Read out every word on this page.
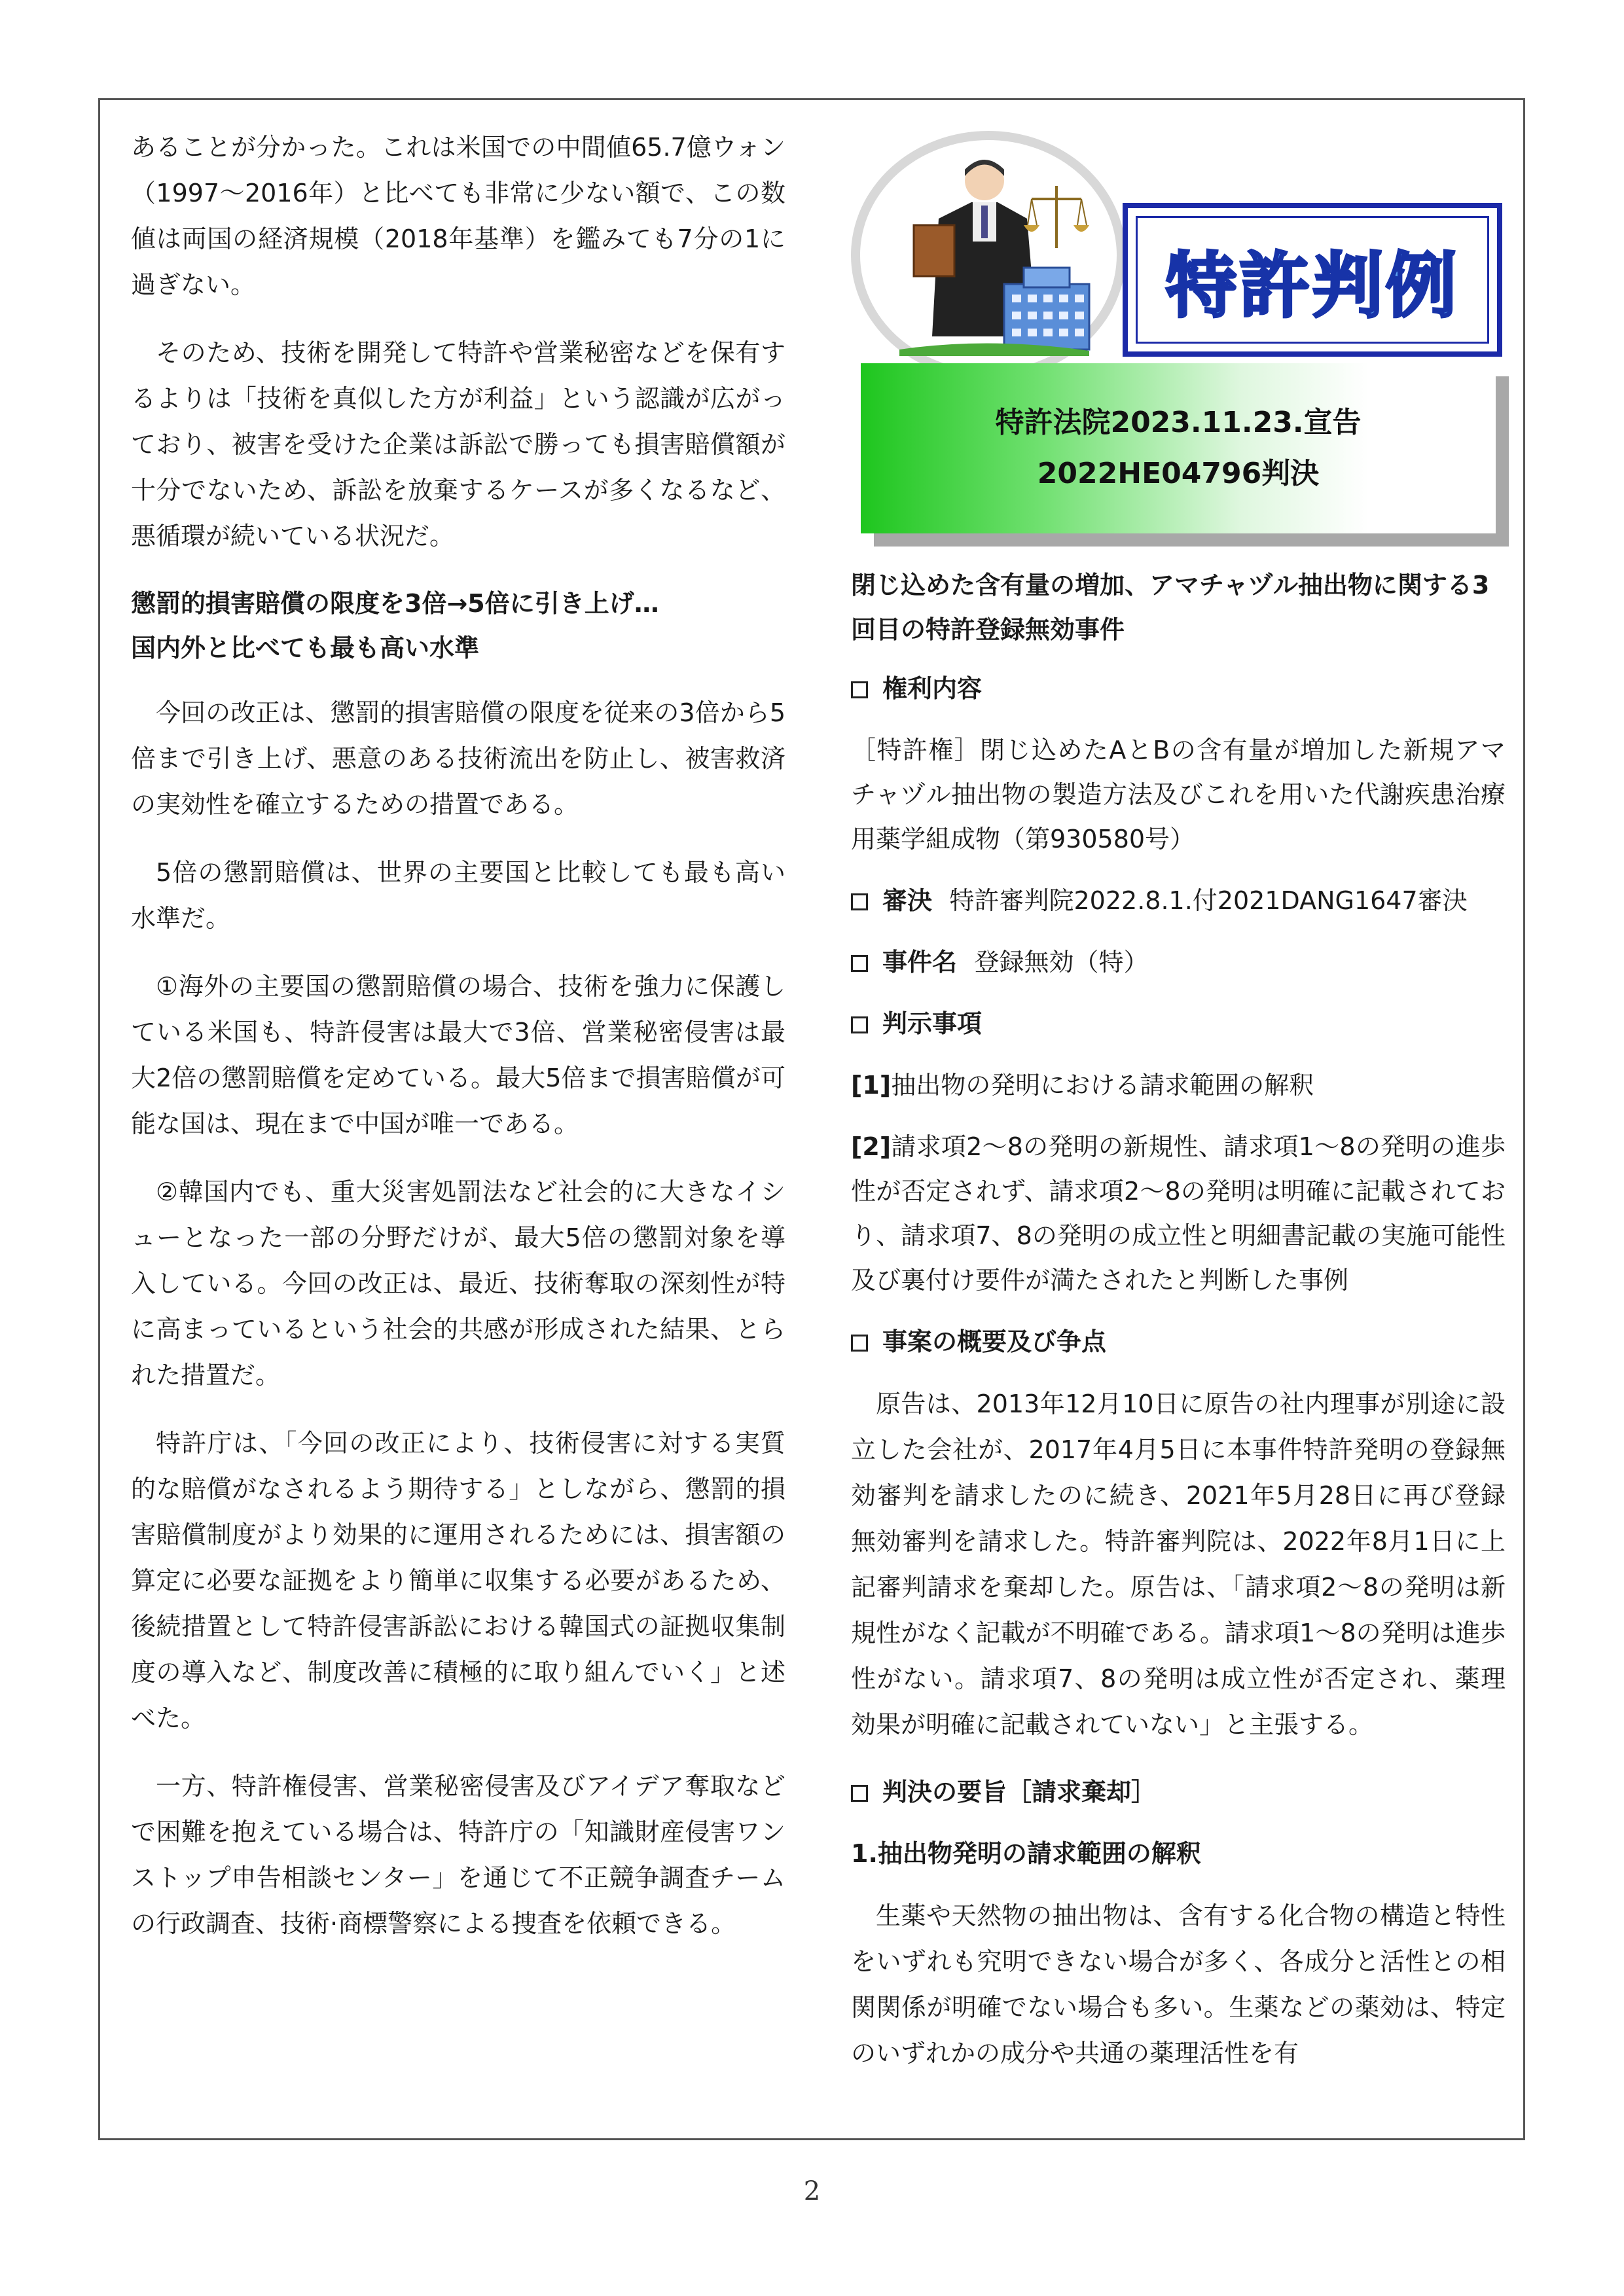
あることが分かった。これは米国での中間値65.7億ウォン（1997～2016年）と比べても非常に少ない額で、この数値は両国の経済規模（2018年基準）を鑑みても7分の1に過ぎない。

そのため、技術を開発して特許や営業秘密などを保有するよりは「技術を真似した方が利益」という認識が広がっており、被害を受けた企業は訴訟で勝っても損害賠償額が十分でないため、訴訟を放棄するケースが多くなるなど、悪循環が続いている状況だ。

懲罰的損害賠償の限度を3倍→5倍に引き上げ…
国内外と比べても最も高い水準

今回の改正は、懲罰的損害賠償の限度を従来の3倍から5倍まで引き上げ、悪意のある技術流出を防止し、被害救済の実効性を確立するための措置である。

5倍の懲罰賠償は、世界の主要国と比較しても最も高い水準だ。

①海外の主要国の懲罰賠償の場合、技術を強力に保護している米国も、特許侵害は最大で3倍、営業秘密侵害は最大2倍の懲罰賠償を定めている。最大5倍まで損害賠償が可能な国は、現在まで中国が唯一である。

②韓国内でも、重大災害処罰法など社会的に大きなイシューとなった一部の分野だけが、最大5倍の懲罰対象を導入している。今回の改正は、最近、技術奪取の深刻性が特に高まっているという社会的共感が形成された結果、とられた措置だ。

特許庁は、「今回の改正により、技術侵害に対する実質的な賠償がなされるよう期待する」としながら、懲罰的損害賠償制度がより効果的に運用されるためには、損害額の算定に必要な証拠をより簡単に収集する必要があるため、後続措置として特許侵害訴訟における韓国式の証拠収集制度の導入など、制度改善に積極的に取り組んでいく」と述べた。

一方、特許権侵害、営業秘密侵害及びアイデア奪取などで困難を抱えている場合は、特許庁の「知識財産侵害ワンストップ申告相談センター」を通じて不正競争調査チームの行政調査、技術·商標警察による捜査を依頼できる。

特許判例
特許法院2023.11.23.宣告
2022HE04796判決
閉じ込めた含有量の増加、アマチャヅル抽出物に関する3回目の特許登録無効事件
権利内容

［特許権］閉じ込めたAとBの含有量が増加した新規アマチャヅル抽出物の製造方法及びこれを用いた代謝疾患治療用薬学組成物（第930580号）

審決 特許審判院2022.8.1.付2021DANG1647審決
事件名 登録無効（特）
判示事項

[1]抽出物の発明における請求範囲の解釈

[2]請求項2～8の発明の新規性、請求項1～8の発明の進歩性が否定されず、請求項2～8の発明は明確に記載されており、請求項7、8の発明の成立性と明細書記載の実施可能性及び裏付け要件が満たされたと判断した事例

事案の概要及び争点

原告は、2013年12月10日に原告の社内理事が別途に設立した会社が、2017年4月5日に本事件特許発明の登録無効審判を請求したのに続き、2021年5月28日に再び登録無効審判を請求した。特許審判院は、2022年8月1日に上記審判請求を棄却した。原告は、「請求項2～8の発明は新規性がなく記載が不明確である。請求項1～8の発明は進歩性がない。請求項7、8の発明は成立性が否定され、薬理効果が明確に記載されていない」と主張する。

判決の要旨［請求棄却］
1.抽出物発明の請求範囲の解釈

生薬や天然物の抽出物は、含有する化合物の構造と特性をいずれも究明できない場合が多く、各成分と活性との相関関係が明確でない場合も多い。生薬などの薬効は、特定のいずれかの成分や共通の薬理活性を有

2
